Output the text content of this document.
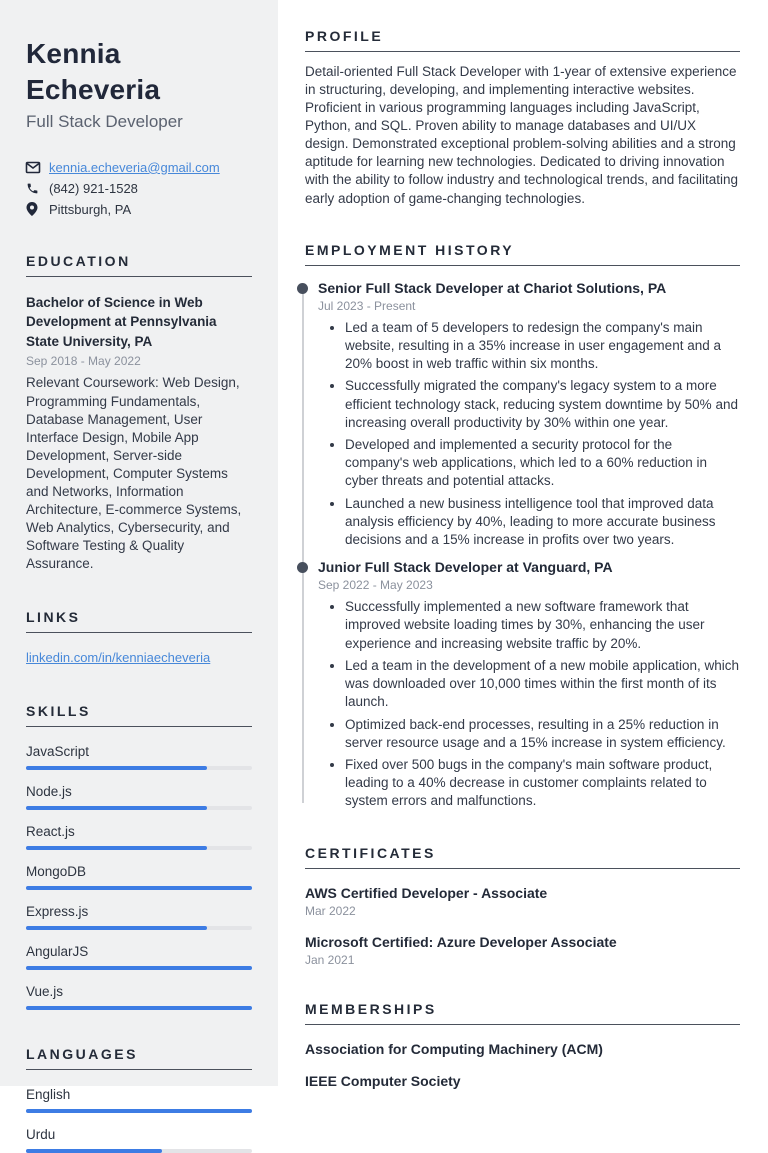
Kennia Echeveria
Full Stack Developer
kennia.echeveria@gmail.com
(842) 921-1528
Pittsburgh, PA
EDUCATION
Bachelor of Science in Web Development at Pennsylvania State University, PA
Sep 2018 - May 2022
Relevant Coursework: Web Design, Programming Fundamentals, Database Management, User Interface Design, Mobile App Development, Server-side Development, Computer Systems and Networks, Information Architecture, E-commerce Systems, Web Analytics, Cybersecurity, and Software Testing & Quality Assurance.
LINKS
linkedin.com/in/kenniaecheveria
SKILLS
JavaScript
Node.js
React.js
MongoDB
Express.js
AngularJS
Vue.js
LANGUAGES
English
Urdu
PROFILE

Detail-oriented Full Stack Developer with 1-year of extensive experience in structuring, developing, and implementing interactive websites. Proficient in various programming languages including JavaScript, Python, and SQL. Proven ability to manage databases and UI/UX design. Demonstrated exceptional problem-solving abilities and a strong aptitude for learning new technologies. Dedicated to driving innovation with the ability to follow industry and technological trends, and facilitating early adoption of game-changing technologies.

EMPLOYMENT HISTORY
Senior Full Stack Developer at Chariot Solutions, PA
Jul 2023 - Present
• Led a team of 5 developers to redesign the company's main website, resulting in a 35% increase in user engagement and a 20% boost in web traffic within six months.
• Successfully migrated the company's legacy system to a more efficient technology stack, reducing system downtime by 50% and increasing overall productivity by 30% within one year.
• Developed and implemented a security protocol for the company's web applications, which led to a 60% reduction in cyber threats and potential attacks.
• Launched a new business intelligence tool that improved data analysis efficiency by 40%, leading to more accurate business decisions and a 15% increase in profits over two years.
Junior Full Stack Developer at Vanguard, PA
Sep 2022 - May 2023
• Successfully implemented a new software framework that improved website loading times by 30%, enhancing the user experience and increasing website traffic by 20%.
• Led a team in the development of a new mobile application, which was downloaded over 10,000 times within the first month of its launch.
• Optimized back-end processes, resulting in a 25% reduction in server resource usage and a 15% increase in system efficiency.
• Fixed over 500 bugs in the company's main software product, leading to a 40% decrease in customer complaints related to system errors and malfunctions.
CERTIFICATES
AWS Certified Developer - Associate
Mar 2022
Microsoft Certified: Azure Developer Associate
Jan 2021
MEMBERSHIPS
Association for Computing Machinery (ACM)
IEEE Computer Society
